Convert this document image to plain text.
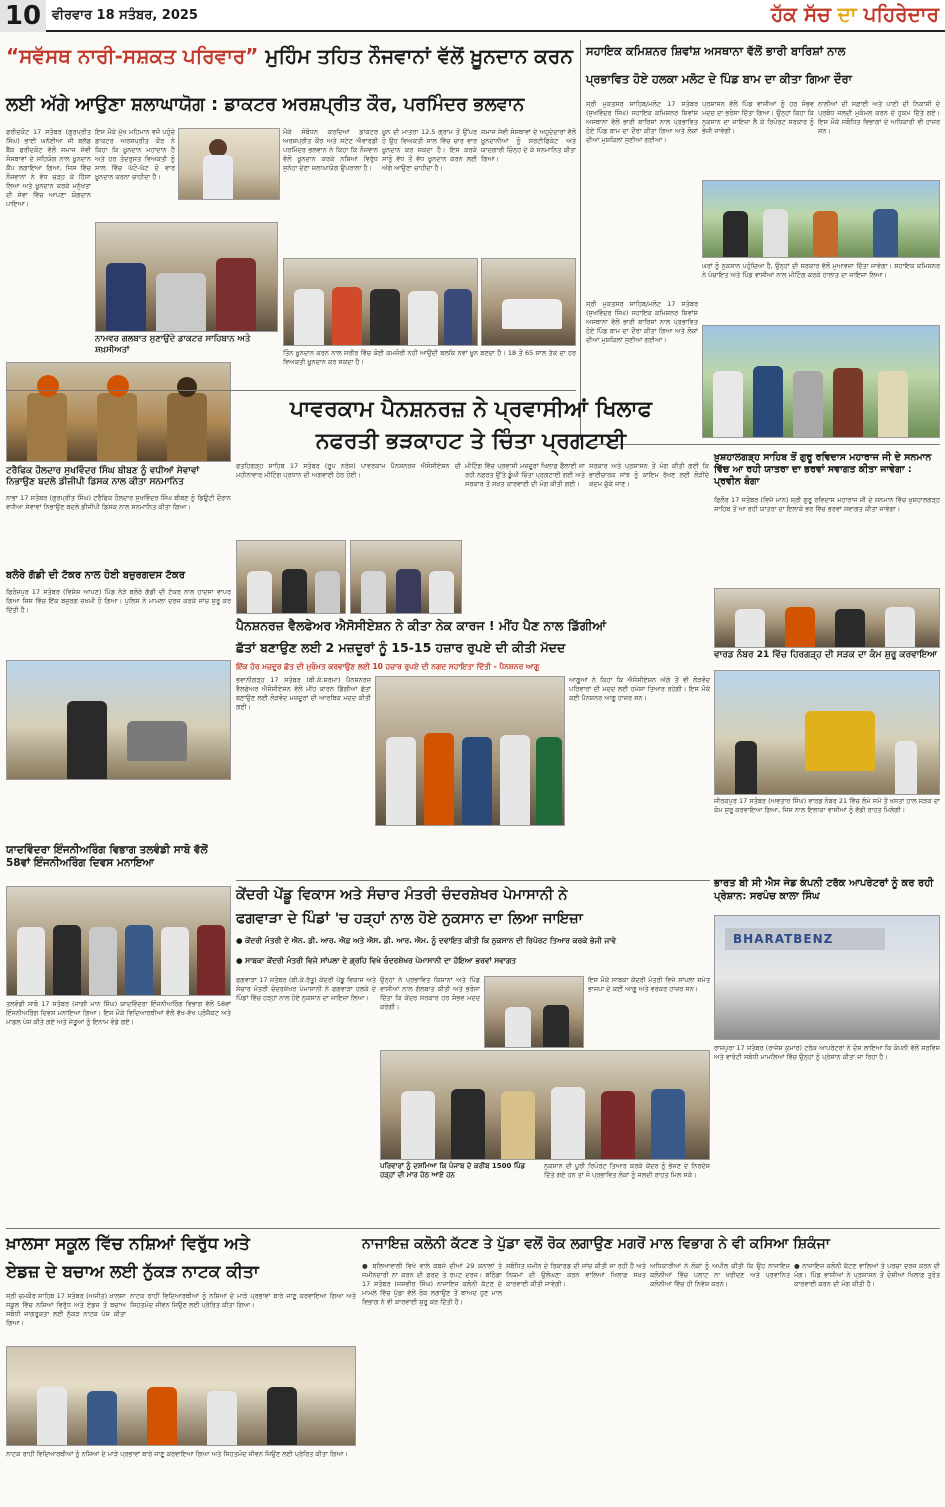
10 ਵੀਰਵਾਰ 18 ਸਤੰਬਰ, 2025	ਹੱਕ ਸੱਚ ਦਾ ਪਹਿਰੇਦਾਰ
“ਸਵੱਸਥ ਨਾਰੀ-ਸਸ਼ਕਤ ਪਰਿਵਾਰ” ਮੁਹਿੰਮ ਤਹਿਤ ਨੌਜਵਾਨਾਂ ਵੱਲੋਂ ਖ਼ੂਨਦਾਨ ਕਰਨ
ਲਈ ਅੱਗੇ ਆਉਣਾ ਸ਼ਲਾਘਾਯੋਗ : ਡਾਕਟਰ ਅਰਸ਼ਪ੍ਰੀਤ ਕੌਰ, ਪਰਮਿੰਦਰ ਭਲਵਾਨ
ਫਰੀਦਕੋਟ 17 ਸਤੰਬਰ (ਗੁਰਪ੍ਰੀਤ ਸਿੰਘ) ਭਾਈ ਘਨੱਈਆ ਜੀ ਬਲੱਡ ਬੈਂਕ ਫਰੀਦਕੋਟ ਵੱਲੋਂ ਸਮਾਜ ਸੇਵੀ ਸੰਸਥਾਵਾਂ ਦੇ ਸਹਿਯੋਗ ਨਾਲ ਖ਼ੂਨਦਾਨ ਕੈਂਪ ਲਗਾਇਆ ਗਿਆ, ਜਿਸ ਵਿੱਚ ਨੌਜਵਾਨਾਂ ਨੇ ਵੱਧ ਚੜ੍ਹ ਕੇ ਹਿੱਸਾ ਲਿਆ ਅਤੇ ਖ਼ੂਨਦਾਨ ਕਰਕੇ ਮਨੁੱਖਤਾ ਦੀ ਸੇਵਾ ਵਿੱਚ ਆਪਣਾ ਯੋਗਦਾਨ ਪਾਇਆ।
ਇਸ ਮੌਕੇ ਮੁੱਖ ਮਹਿਮਾਨ ਵਜੋਂ ਪਹੁੰਚੇ ਡਾਕਟਰ ਅਰਸ਼ਪ੍ਰੀਤ ਕੌਰ ਨੇ ਕਿਹਾ ਕਿ ਖ਼ੂਨਦਾਨ ਮਹਾਂਦਾਨ ਹੈ ਅਤੇ ਹਰ ਤੰਦਰੁਸਤ ਵਿਅਕਤੀ ਨੂੰ ਸਾਲ ਵਿੱਚ ਘੱਟੋ-ਘੱਟ ਦੋ ਵਾਰ ਖ਼ੂਨਦਾਨ ਕਰਨਾ ਚਾਹੀਦਾ ਹੈ।
ਮੌਕੇ ਸੰਬੋਧਨ ਕਰਦਿਆਂ ਡਾਕਟਰ ਅਰਸ਼ਪ੍ਰੀਤ ਕੌਰ ਅਤੇ ਸਟੇਟ ਐਵਾਰਡੀ ਪਰਮਿੰਦਰ ਭਲਵਾਨ ਨੇ ਕਿਹਾ ਕਿ ਨੌਜਵਾਨ ਵੱਲੋਂ ਖ਼ੂਨਦਾਨ ਕਰਕੇ ਨਸ਼ਿਆਂ ਵਿਰੁੱਧ ਸੁਨੇਹਾ ਦੇਣਾ ਸ਼ਲਾਘਾਯੋਗ ਉਪਰਾਲਾ ਹੈ।
ਖ਼ੂਨ ਦੀ ਮਾਤਰਾ 12.5 ਗ੍ਰਾਮ ਤੋਂ ਉੱਪਰ ਹੋ ਉਹ ਵਿਅਕਤੀ ਸਾਲ ਵਿੱਚ ਚਾਰ ਵਾਰ ਖ਼ੂਨਦਾਨ ਕਰ ਸਕਦਾ ਹੈ। ਇਸ ਕਰਕੇ ਸਾਨੂੰ ਵੱਧ ਤੋਂ ਵੱਧ ਖ਼ੂਨਦਾਨ ਕਰਨ ਲਈ ਅੱਗੇ ਆਉਣਾ ਚਾਹੀਦਾ ਹੈ।
ਸਮਾਜ ਸੇਵੀ ਸੰਸਥਾਵਾਂ ਦੇ ਅਹੁਦੇਦਾਰਾਂ ਵੱਲੋਂ ਖ਼ੂਨਦਾਨੀਆਂ ਨੂੰ ਸਰਟੀਫਿਕੇਟ ਅਤੇ ਯਾਦਗਾਰੀ ਚਿੰਨ੍ਹ ਦੇ ਕੇ ਸਨਮਾਨਿਤ ਕੀਤਾ ਗਿਆ।
ਨਾਮਵਰ ਗਲਬਾਤ ਸੁਣਾਉਂਦੇ ਡਾਕਟਰ ਸਾਹਿਬਾਨ ਅਤੇ ਸ਼ਖ਼ਸੀਅਤਾਂ	ਤਿੰਨ ਖ਼ੂਨਦਾਨ ਕਰਨ ਨਾਲ ਸਰੀਰ ਵਿੱਚ ਕੋਈ ਕਮਜ਼ੋਰੀ ਨਹੀਂ ਆਉਂਦੀ ਬਲਕਿ ਨਵਾਂ ਖ਼ੂਨ ਬਣਦਾ ਹੈ। 18 ਤੋਂ 65 ਸਾਲ ਤੱਕ ਦਾ ਹਰ ਵਿਅਕਤੀ ਖ਼ੂਨਦਾਨ ਕਰ ਸਕਦਾ ਹੈ।
ਸਹਾਇਕ ਕਮਿਸ਼ਨਰ ਸ਼ਿਵਾਂਸ਼ ਅਸਥਾਨਾ ਵੱਲੋਂ ਭਾਰੀ ਬਾਰਿਸ਼ਾਂ ਨਾਲ
ਪ੍ਰਭਾਵਿਤ ਹੋਏ ਹਲਕਾ ਮਲੋਟ ਦੇ ਪਿੰਡ ਬਾਮ ਦਾ ਕੀਤਾ ਗਿਆ ਦੌਰਾ
ਸ੍ਰੀ ਮੁਕਤਸਰ ਸਾਹਿਬ/ਮਲੋਟ 17 ਸਤੰਬਰ (ਸੁਖਵਿੰਦਰ ਸਿੰਘ) ਸਹਾਇਕ ਕਮਿਸ਼ਨਰ ਸ਼ਿਵਾਂਸ਼ ਅਸਥਾਨਾ ਵੱਲੋਂ ਭਾਰੀ ਬਾਰਿਸ਼ਾਂ ਨਾਲ ਪ੍ਰਭਾਵਿਤ ਹੋਏ ਪਿੰਡ ਬਾਮ ਦਾ ਦੌਰਾ ਕੀਤਾ ਗਿਆ ਅਤੇ ਲੋਕਾਂ ਦੀਆਂ ਮੁਸ਼ਕਿਲਾਂ ਸੁਣੀਆਂ ਗਈਆਂ।
ਪ੍ਰਸ਼ਾਸਨ ਵੱਲੋਂ ਪਿੰਡ ਵਾਸੀਆਂ ਨੂੰ ਹਰ ਸੰਭਵ ਮਦਦ ਦਾ ਭਰੋਸਾ ਦਿੱਤਾ ਗਿਆ। ਉਨ੍ਹਾਂ ਕਿਹਾ ਕਿ ਨੁਕਸਾਨ ਦਾ ਜਾਇਜ਼ਾ ਲੈ ਕੇ ਰਿਪੋਰਟ ਸਰਕਾਰ ਨੂੰ ਭੇਜੀ ਜਾਵੇਗੀ।
ਨਾਲੀਆਂ ਦੀ ਸਫ਼ਾਈ ਅਤੇ ਪਾਣੀ ਦੀ ਨਿਕਾਸੀ ਦੇ ਪ੍ਰਬੰਧ ਜਲਦੀ ਮੁਕੰਮਲ ਕਰਨ ਦੇ ਹੁਕਮ ਦਿੱਤੇ ਗਏ। ਇਸ ਮੌਕੇ ਸਬੰਧਿਤ ਵਿਭਾਗਾਂ ਦੇ ਅਧਿਕਾਰੀ ਵੀ ਹਾਜ਼ਰ ਸਨ।
ਘਰਾਂ ਨੂੰ ਨੁਕਸਾਨ ਪਹੁੰਚਿਆ ਹੈ, ਉਨ੍ਹਾਂ ਦੀ ਸਰਕਾਰ ਵੱਲੋਂ ਮੁਆਵਜ਼ਾ ਦਿੱਤਾ ਜਾਵੇਗਾ। ਸਹਾਇਕ ਕਮਿਸ਼ਨਰ ਨੇ ਪੰਚਾਇਤ ਅਤੇ ਪਿੰਡ ਵਾਸੀਆਂ ਨਾਲ ਮੀਟਿੰਗ ਕਰਕੇ ਹਾਲਾਤ ਦਾ ਜਾਇਜ਼ਾ ਲਿਆ।
ਸ੍ਰੀ ਮੁਕਤਸਰ ਸਾਹਿਬ/ਮਲੋਟ 17 ਸਤੰਬਰ (ਸੁਖਵਿੰਦਰ ਸਿੰਘ) ਸਹਾਇਕ ਕਮਿਸ਼ਨਰ ਸ਼ਿਵਾਂਸ਼ ਅਸਥਾਨਾ ਵੱਲੋਂ ਭਾਰੀ ਬਾਰਿਸ਼ਾਂ ਨਾਲ ਪ੍ਰਭਾਵਿਤ ਹੋਏ ਪਿੰਡ ਬਾਮ ਦਾ ਦੌਰਾ ਕੀਤਾ ਗਿਆ ਅਤੇ ਲੋਕਾਂ ਦੀਆਂ ਮੁਸ਼ਕਿਲਾਂ ਸੁਣੀਆਂ ਗਈਆਂ।
ਪਾਵਰਕਾਮ ਪੈਨਸ਼ਨਰਜ਼ ਨੇ ਪ੍ਰਵਾਸੀਆਂ ਖਿਲਾਫ
ਨਫਰਤੀ ਭੜਕਾਹਟ ਤੇ ਚਿੰਤਾ ਪ੍ਰਗਟਾਈ
ਫਤਹਿਗੜ੍ਹ ਸਾਹਿਬ 17 ਸਤੰਬਰ (ਰੂਪ ਨਰੇਸ਼) ਪਾਵਰਕਾਮ ਪੈਨਸ਼ਨਰਜ਼ ਐਸੋਸੀਏਸ਼ਨ ਦੀ ਮਹੀਨਾਵਾਰ ਮੀਟਿੰਗ ਪ੍ਰਧਾਨ ਦੀ ਅਗਵਾਈ ਹੇਠ ਹੋਈ।
ਮੀਟਿੰਗ ਵਿੱਚ ਪ੍ਰਵਾਸੀ ਮਜ਼ਦੂਰਾਂ ਖਿਲਾਫ਼ ਫੈਲਾਈ ਜਾ ਰਹੀ ਨਫ਼ਰਤ ਉੱਤੇ ਡੂੰਘੀ ਚਿੰਤਾ ਪ੍ਰਗਟਾਈ ਗਈ ਅਤੇ ਸਰਕਾਰ ਤੋਂ ਸਖ਼ਤ ਕਾਰਵਾਈ ਦੀ ਮੰਗ ਕੀਤੀ ਗਈ।
ਸਰਕਾਰ ਅਤੇ ਪ੍ਰਸ਼ਾਸਨ ਤੋਂ ਮੰਗ ਕੀਤੀ ਗਈ ਕਿ ਭਾਈਚਾਰਕ ਸਾਂਝ ਨੂੰ ਕਾਇਮ ਰੱਖਣ ਲਈ ਲੋੜੀਂਦੇ ਕਦਮ ਚੁੱਕੇ ਜਾਣ।
ਟਰੈਫਿਕ ਹੌਲਦਾਰ ਸੁਖਵਿੰਦਰ ਸਿੰਘ ਬੀਬਣ ਨੂੰ ਵਧੀਆਂ ਸੇਵਾਵਾਂ ਨਿਭਾਉਣ ਬਦਲੇ ਡੀਜੀਪੀ ਡਿਸਕ ਨਾਲ ਕੀਤਾ ਸਨਮਾਨਿਤ
ਨਾਭਾ 17 ਸਤੰਬਰ (ਗੁਰਪ੍ਰੀਤ ਸਿੰਘ) ਟਰੈਫਿਕ ਹੌਲਦਾਰ ਸੁਖਵਿੰਦਰ ਸਿੰਘ ਬੀਬਣ ਨੂੰ ਡਿਊਟੀ ਦੌਰਾਨ ਵਧੀਆ ਸੇਵਾਵਾਂ ਨਿਭਾਉਣ ਬਦਲੇ ਡੀਜੀਪੀ ਡਿਸਕ ਨਾਲ ਸਨਮਾਨਿਤ ਕੀਤਾ ਗਿਆ।
ਬਲੋਰੇ ਗੱਡੀ ਦੀ ਟੱਕਰ ਨਾਲ ਹੋਈ ਬਜ਼ੁਰਗਦਸ ਟੱਕਰ
ਫਿਰੋਜ਼ਪੁਰ 17 ਸਤੰਬਰ (ਵਿਸ਼ੇਸ਼ ਆਪਣ) ਪਿੰਡ ਨੇੜੇ ਬਲੋਰੇ ਗੱਡੀ ਦੀ ਟੱਕਰ ਨਾਲ ਹਾਦਸਾ ਵਾਪਰ ਗਿਆ ਜਿਸ ਵਿੱਚ ਇੱਕ ਬਜ਼ੁਰਗ ਜ਼ਖ਼ਮੀ ਹੋ ਗਿਆ। ਪੁਲਿਸ ਨੇ ਮਾਮਲਾ ਦਰਜ ਕਰਕੇ ਜਾਂਚ ਸ਼ੁਰੂ ਕਰ ਦਿੱਤੀ ਹੈ।
ਖ਼ੁਸ਼ਹਾਲਗੜ੍ਹ ਸਾਹਿਬ ਤੋਂ ਗੁਰੂ ਰਵਿਦਾਸ ਮਹਾਰਾਜ ਜੀ ਦੇ ਸਨਮਾਨ ਵਿੱਚ ਆ ਰਹੀ ਯਾਤਰਾ ਦਾ ਭਰਵਾਂ ਸਵਾਗਤ ਕੀਤਾ ਜਾਵੇਗਾ : ਪ੍ਰਵੀਨ ਬੰਗਾ
ਫਿਲੌਰ 17 ਸਤੰਬਰ (ਵਿਜੇ ਮਾਨ) ਸ਼੍ਰੀ ਗੁਰੂ ਰਵਿਦਾਸ ਮਹਾਰਾਜ ਜੀ ਦੇ ਸਨਮਾਨ ਵਿੱਚ ਖ਼ੁਸ਼ਹਾਲਗੜ੍ਹ ਸਾਹਿਬ ਤੋਂ ਆ ਰਹੀ ਯਾਤਰਾ ਦਾ ਇਲਾਕੇ ਭਰ ਵਿੱਚ ਭਰਵਾਂ ਸਵਾਗਤ ਕੀਤਾ ਜਾਵੇਗਾ।
ਪੈਨਸ਼ਨਰਜ਼ ਵੈਲਫੇਅਰ ਐਸੋਸੀਏਸ਼ਨ ਨੇ ਕੀਤਾ ਨੇਕ ਕਾਰਜ ! ਮੀਂਹ ਪੈਣ ਨਾਲ ਡਿੱਗੀਆਂ
ਛੱਤਾਂ ਬਣਾਉਣ ਲਈ 2 ਮਜ਼ਦੂਰਾਂ ਨੂੰ 15-15 ਹਜ਼ਾਰ ਰੁਪਏ ਦੀ ਕੀਤੀ ਮੱਦਦ
ਇੱਕ ਹੋਰ ਮਜ਼ਦੂਰ ਛੱਤ ਦੀ ਮੁਰੰਮਤ ਕਰਵਾਉਣ ਲਈ 10 ਹਜ਼ਾਰ ਰੁਪਏ ਦੀ ਨਗਦ ਸਹਾਇਤਾ ਦਿੱਤੀ - ਪੈਨਸ਼ਨਰ ਆਗੂ
ਭਵਾਨੀਗੜ੍ਹ 17 ਸਤੰਬਰ (ਬੀ.ਕੇ.ਸ਼ਰਮਾ) ਪੈਨਸ਼ਨਰਜ਼ ਵੈਲਫੇਅਰ ਐਸੋਸੀਏਸ਼ਨ ਵੱਲੋਂ ਮੀਂਹ ਕਾਰਨ ਡਿੱਗੀਆਂ ਛੱਤਾਂ ਬਣਾਉਣ ਲਈ ਲੋੜਵੰਦ ਮਜ਼ਦੂਰਾਂ ਦੀ ਆਰਥਿਕ ਮਦਦ ਕੀਤੀ ਗਈ।
ਆਗੂਆਂ ਨੇ ਕਿਹਾ ਕਿ ਐਸੋਸੀਏਸ਼ਨ ਅੱਗੇ ਤੋਂ ਵੀ ਲੋੜਵੰਦ ਪਰਿਵਾਰਾਂ ਦੀ ਮਦਦ ਲਈ ਹਮੇਸ਼ਾ ਤਿਆਰ ਰਹੇਗੀ। ਇਸ ਮੌਕੇ ਕਈ ਪੈਨਸ਼ਨਰ ਆਗੂ ਹਾਜ਼ਰ ਸਨ।
ਵਾਰਡ ਨੰਬਰ 21 ਵਿੱਚ ਹਿਰਗੜ੍ਹ ਦੀ ਸੜਕ ਦਾ ਕੰਮ ਸ਼ੁਰੂ ਕਰਵਾਇਆ
ਜੀਰਕਪੁਰ 17 ਸਤੰਬਰ (ਅਵਤਾਰ ਸਿੰਘ) ਵਾਰਡ ਨੰਬਰ 21 ਵਿੱਚ ਲੰਮੇ ਸਮੇਂ ਤੋਂ ਖਸਤਾ ਹਾਲ ਸੜਕ ਦਾ ਕੰਮ ਸ਼ੁਰੂ ਕਰਵਾਇਆ ਗਿਆ, ਜਿਸ ਨਾਲ ਇਲਾਕਾ ਵਾਸੀਆਂ ਨੂੰ ਵੱਡੀ ਰਾਹਤ ਮਿਲੇਗੀ।
ਯਾਦਵਿੰਦਰਾ ਇੰਜਨੀਅਰਿੰਗ ਵਿਭਾਗ ਤਲਵੰਡੀ ਸਾਬੋ ਵੱਲੋਂ 58ਵਾਂ ਇੰਜਨੀਅਰਿੰਗ ਦਿਵਸ ਮਨਾਇਆ
ਤਲਵੰਡੀ ਸਾਬੋ 17 ਸਤੰਬਰ (ਜਾਗੀ ਮਾਨ ਸਿੰਘ) ਯਾਦਵਿੰਦਰਾ ਇੰਜਨੀਅਰਿੰਗ ਵਿਭਾਗ ਵੱਲੋਂ 58ਵਾਂ ਇੰਜਨੀਅਰਿੰਗ ਦਿਵਸ ਮਨਾਇਆ ਗਿਆ। ਇਸ ਮੌਕੇ ਵਿਦਿਆਰਥੀਆਂ ਵੱਲੋਂ ਵੱਖ-ਵੱਖ ਪ੍ਰੋਜੈਕਟ ਅਤੇ ਮਾਡਲ ਪੇਸ਼ ਕੀਤੇ ਗਏ ਅਤੇ ਜੇਤੂਆਂ ਨੂੰ ਇਨਾਮ ਵੰਡੇ ਗਏ।
ਭਾਰਤ ਬੀ ਸੀ ਐਸ ਜੇਡ ਕੰਪਨੀ ਟਰੱਕ ਆਪਰੇਟਰਾਂ ਨੂੰ ਕਰ ਰਹੀ ਪ੍ਰੇਸ਼ਾਨ: ਸਰਪੰਚ ਕਾਲਾ ਸਿੰਘ
BHARATBENZ
ਰਾਜਪੁਰਾ 17 ਸਤੰਬਰ (ਰਾਜੇਸ਼ ਕੁਮਾਰ) ਟਰੱਕ ਆਪਰੇਟਰਾਂ ਨੇ ਦੋਸ਼ ਲਾਇਆ ਕਿ ਕੰਪਨੀ ਵੱਲੋਂ ਸਰਵਿਸ ਅਤੇ ਵਾਰੰਟੀ ਸਬੰਧੀ ਮਾਮਲਿਆਂ ਵਿੱਚ ਉਨ੍ਹਾਂ ਨੂੰ ਪ੍ਰੇਸ਼ਾਨ ਕੀਤਾ ਜਾ ਰਿਹਾ ਹੈ।
ਕੇਂਦਰੀ ਪੇਂਡੂ ਵਿਕਾਸ ਅਤੇ ਸੰਚਾਰ ਮੰਤਰੀ ਚੰਦਰਸ਼ੇਖਰ ਪੇਮਾਸਾਨੀ ਨੇ
ਫਗਵਾੜਾ ਦੇ ਪਿੰਡਾਂ 'ਚ ਹੜ੍ਹਾਂ ਨਾਲ ਹੋਏ ਨੁਕਸਾਨ ਦਾ ਲਿਆ ਜਾਇਜ਼ਾ
● ਕੇਂਦਰੀ ਮੰਤਰੀ ਦੇ ਐਨ. ਡੀ. ਆਰ. ਐਫ਼ ਅਤੇ ਐਸ. ਡੀ. ਆਰ. ਐਮ. ਨੂੰ ਦਵਾਇਤ ਕੀਤੀ ਕਿ ਨੁਕਸਾਨ ਦੀ ਰਿਪੋਰਟ ਤਿਆਰ ਕਰਕੇ ਭੇਜੀ ਜਾਵੇ
● ਸਾਬਕਾ ਕੇਂਦਰੀ ਮੰਤਰੀ ਵਿਜੇ ਸਾਂਪਲਾ ਦੇ ਗ੍ਰਹਿ ਵਿਖੇ ਚੰਦਰਸ਼ੇਖਰ ਪੇਮਾਸਾਨੀ ਦਾ ਹੋਇਆ ਭਰਵਾਂ ਸਵਾਗਤ
ਫਗਵਾੜਾ 17 ਸਤੰਬਰ (ਬੀ.ਕੇ.ਰੱਤੂ) ਕੇਂਦਰੀ ਪੇਂਡੂ ਵਿਕਾਸ ਅਤੇ ਸੰਚਾਰ ਮੰਤਰੀ ਚੰਦਰਸ਼ੇਖਰ ਪੇਮਾਸਾਨੀ ਨੇ ਫਗਵਾੜਾ ਹਲਕੇ ਦੇ ਪਿੰਡਾਂ ਵਿੱਚ ਹੜ੍ਹਾਂ ਨਾਲ ਹੋਏ ਨੁਕਸਾਨ ਦਾ ਜਾਇਜ਼ਾ ਲਿਆ।
ਉਨ੍ਹਾਂ ਨੇ ਪ੍ਰਭਾਵਿਤ ਕਿਸਾਨਾਂ ਅਤੇ ਪਿੰਡ ਵਾਸੀਆਂ ਨਾਲ ਗੱਲਬਾਤ ਕੀਤੀ ਅਤੇ ਭਰੋਸਾ ਦਿੱਤਾ ਕਿ ਕੇਂਦਰ ਸਰਕਾਰ ਹਰ ਸੰਭਵ ਮਦਦ ਕਰੇਗੀ।
ਇਸ ਮੌਕੇ ਸਾਬਕਾ ਕੇਂਦਰੀ ਮੰਤਰੀ ਵਿਜੇ ਸਾਂਪਲਾ ਸਮੇਤ ਭਾਜਪਾ ਦੇ ਕਈ ਆਗੂ ਅਤੇ ਵਰਕਰ ਹਾਜ਼ਰ ਸਨ।
ਪਰਿਵਾਰਾਂ ਨੂੰ ਦਸ਼ਮਿਆ ਕਿ ਪੰਜਾਬ ਦੇ ਕਰੀਬ 1500 ਪਿੰਡ ਹੜ੍ਹਾਂ ਦੀ ਮਾਰ ਹੇਠ ਆਏ ਹਨ
ਨੁਕਸਾਨ ਦੀ ਪੂਰੀ ਰਿਪੋਰਟ ਤਿਆਰ ਕਰਕੇ ਕੇਂਦਰ ਨੂੰ ਭੇਜਣ ਦੇ ਨਿਰਦੇਸ਼ ਦਿੱਤੇ ਗਏ ਹਨ ਤਾਂ ਜੋ ਪ੍ਰਭਾਵਿਤ ਲੋਕਾਂ ਨੂੰ ਜਲਦੀ ਰਾਹਤ ਮਿਲ ਸਕੇ।
ਖ਼ਾਲਸਾ ਸਕੂਲ ਵਿੱਚ ਨਸ਼ਿਆਂ ਵਿਰੁੱਧ ਅਤੇ
ਏਡਜ਼ ਦੇ ਬਚਾਅ ਲਈ ਨੁੱਕੜ ਨਾਟਕ ਕੀਤਾ
ਸ੍ਰੀ ਚਮਕੌਰ ਸਾਹਿਬ 17 ਸਤੰਬਰ (ਅਜੀਤ) ਖ਼ਾਲਸਾ ਸਕੂਲ ਵਿੱਚ ਨਸ਼ਿਆਂ ਵਿਰੁੱਧ ਅਤੇ ਏਡਜ਼ ਤੋਂ ਬਚਾਅ ਸਬੰਧੀ ਜਾਗਰੂਕਤਾ ਲਈ ਨੁੱਕੜ ਨਾਟਕ ਪੇਸ਼ ਕੀਤਾ ਗਿਆ।
ਨਾਟਕ ਰਾਹੀਂ ਵਿਦਿਆਰਥੀਆਂ ਨੂੰ ਨਸ਼ਿਆਂ ਦੇ ਮਾੜੇ ਪ੍ਰਭਾਵਾਂ ਬਾਰੇ ਜਾਣੂ ਕਰਵਾਇਆ ਗਿਆ ਅਤੇ ਸਿਹਤਮੰਦ ਜੀਵਨ ਜਿਉਣ ਲਈ ਪ੍ਰੇਰਿਤ ਕੀਤਾ ਗਿਆ।
ਨਾਟਕ ਰਾਹੀਂ ਵਿਦਿਆਰਥੀਆਂ ਨੂੰ ਨਸ਼ਿਆਂ ਦੇ ਮਾੜੇ ਪ੍ਰਭਾਵਾਂ ਬਾਰੇ ਜਾਣੂ ਕਰਵਾਇਆ ਗਿਆ ਅਤੇ ਸਿਹਤਮੰਦ ਜੀਵਨ ਜਿਉਣ ਲਈ ਪ੍ਰੇਰਿਤ ਕੀਤਾ ਗਿਆ।
ਨਾਜਾਇਜ਼ ਕਲੋਨੀ ਕੱਟਣ ਤੇ ਪੁੱਡਾ ਵਲੋਂ ਰੋਕ ਲਗਾਉਣ ਮਗਰੋਂ ਮਾਲ ਵਿਭਾਗ ਨੇ ਵੀ ਕਸਿਆ ਸ਼ਿਕੰਜਾ
● ਬਲਿਆਵਾਲੀ ਵਿਖੇ ਵਾਲੇ ਕਬਜ਼ੇ ਦੀਆਂ 29 ਕਨਾਲਾਂ ਤੇ ਜਮੀਨਦਾਰੀ ਨਾ ਕਰਨ ਦੀ ਫ਼ਰਦ ਤੇ ਰਪਟ ਦਰਜ। ਬਠਿੰਡਾ 17 ਸਤੰਬਰ (ਜਸਵੀਰ ਸਿੰਘ) ਨਾਜਾਇਜ਼ ਕਲੋਨੀ ਕੱਟਣ ਦੇ ਮਾਮਲੇ ਵਿੱਚ ਪੁੱਡਾ ਵੱਲੋਂ ਰੋਕ ਲਗਾਉਣ ਤੋਂ ਬਾਅਦ ਹੁਣ ਮਾਲ ਵਿਭਾਗ ਨੇ ਵੀ ਕਾਰਵਾਈ ਸ਼ੁਰੂ ਕਰ ਦਿੱਤੀ ਹੈ।
ਸਬੰਧਿਤ ਜ਼ਮੀਨ ਦੇ ਰਿਕਾਰਡ ਦੀ ਜਾਂਚ ਕੀਤੀ ਜਾ ਰਹੀ ਹੈ ਅਤੇ ਨਿਯਮਾਂ ਦੀ ਉਲੰਘਣਾ ਕਰਨ ਵਾਲਿਆਂ ਖਿਲਾਫ਼ ਸਖ਼ਤ ਕਾਰਵਾਈ ਕੀਤੀ ਜਾਵੇਗੀ।
ਅਧਿਕਾਰੀਆਂ ਨੇ ਲੋਕਾਂ ਨੂੰ ਅਪੀਲ ਕੀਤੀ ਕਿ ਉਹ ਨਾਜਾਇਜ਼ ਕਲੋਨੀਆਂ ਵਿੱਚ ਪਲਾਟ ਨਾ ਖਰੀਦਣ ਅਤੇ ਪ੍ਰਵਾਨਿਤ ਕਲੋਨੀਆਂ ਵਿੱਚ ਹੀ ਨਿਵੇਸ਼ ਕਰਨ।
● ਨਾਜਾਇਜ਼ ਕਲੋਨੀ ਕੱਟਣ ਵਾਲਿਆਂ ਤੇ ਪਰਚਾ ਦਰਜ ਕਰਨ ਦੀ ਮੰਗ। ਪਿੰਡ ਵਾਸੀਆਂ ਨੇ ਪ੍ਰਸ਼ਾਸਨ ਤੋਂ ਦੋਸ਼ੀਆਂ ਖਿਲਾਫ਼ ਤੁਰੰਤ ਕਾਰਵਾਈ ਕਰਨ ਦੀ ਮੰਗ ਕੀਤੀ ਹੈ।
